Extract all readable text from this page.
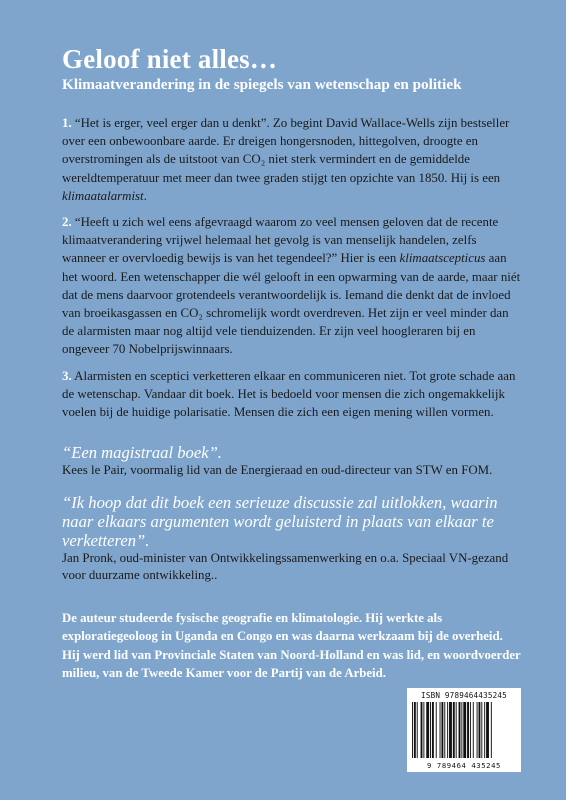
Geloof niet alles…
Klimaatverandering in de spiegels van wetenschap en politiek

1. “Het is erger, veel erger dan u denkt”. Zo begint David Wallace-Wells zijn bestseller over een onbewoonbare aarde. Er dreigen hongersnoden, hittegolven, droogte en overstromingen als de uitstoot van CO₂ niet sterk vermindert en de gemiddelde wereldtemperatuur met meer dan twee graden stijgt ten opzichte van 1850. Hij is een klimaatalarmist.

2. “Heeft u zich wel eens afgevraagd waarom zo veel mensen geloven dat de recente klimaatverandering vrijwel helemaal het gevolg is van menselijk handelen, zelfs wanneer er overvloedig bewijs is van het tegendeel?” Hier is een klimaatscepticus aan het woord. Een wetenschapper die wél gelooft in een opwarming van de aarde, maar niét dat de mens daarvoor grotendeels verantwoordelijk is. Iemand die denkt dat de invloed van broeikasgassen en CO₂ schromelijk wordt overdreven. Het zijn er veel minder dan de alarmisten maar nog altijd vele tienduizenden. Er zijn veel hoogleraren bij en ongeveer 70 Nobelprijswinnaars.

3. Alarmisten en sceptici verketteren elkaar en communiceren niet. Tot grote schade aan de wetenschap. Vandaar dit boek. Het is bedoeld voor mensen die zich ongemakkelijk voelen bij de huidige polarisatie. Mensen die zich een eigen mening willen vormen.

“Een magistraal boek”.
Kees le Pair, voormalig lid van de Energieraad en oud-directeur van STW en FOM.
“Ik hoop dat dit boek een serieuze discussie zal uitlokken, waarin naar elkaars argumenten wordt geluisterd in plaats van elkaar te verketteren”.
Jan Pronk, oud-minister van Ontwikkelingssamenwerking en o.a. Speciaal VN-gezand voor duurzame ontwikkeling..

De auteur studeerde fysische geografie en klimatologie. Hij werkte als exploratiegeoloog in Uganda en Congo en was daarna werkzaam bij de overheid. Hij werd lid van Provinciale Staten van Noord-Holland en was lid, en woordvoerder milieu, van de Tweede Kamer voor de Partij van de Arbeid.

ISBN 9789464435245
9 789464 435245
